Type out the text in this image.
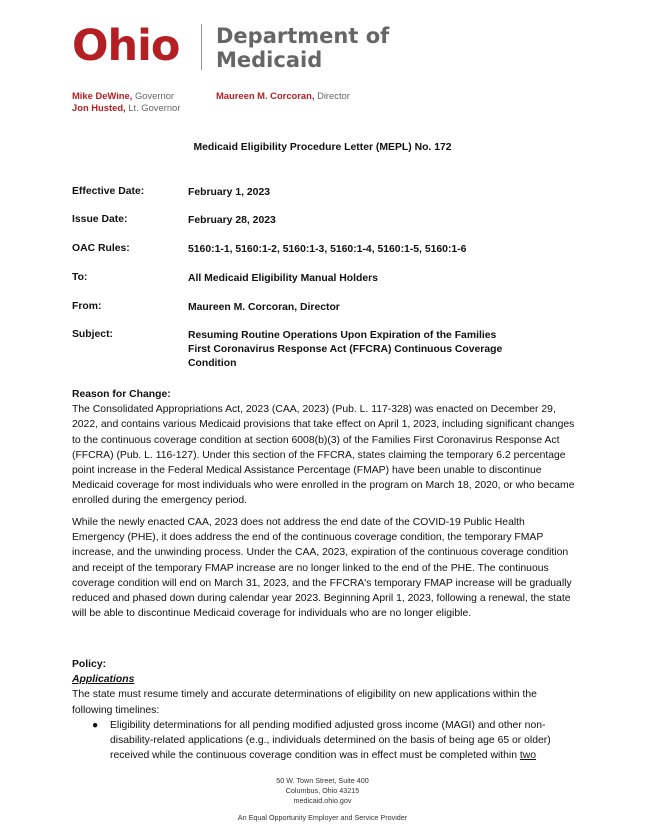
Ohio	Department of
Medicaid
Mike DeWine, Governor
Jon Husted, Lt. Governor
Maureen M. Corcoran, Director
Medicaid Eligibility Procedure Letter (MEPL) No. 172
Effective Date:	February 1, 2023
Issue Date:	February 28, 2023
OAC Rules:	5160:1-1, 5160:1-2, 5160:1-3, 5160:1-4, 5160:1-5, 5160:1-6
To:	All Medicaid Eligibility Manual Holders
From:	Maureen M. Corcoran, Director
Subject:	Resuming Routine Operations Upon Expiration of the Families First Coronavirus Response Act (FFCRA) Continuous Coverage Condition

Reason for Change:

The Consolidated Appropriations Act, 2023 (CAA, 2023) (Pub. L. 117-328) was enacted on December 29, 2022, and contains various Medicaid provisions that take effect on April 1, 2023, including significant changes to the continuous coverage condition at section 6008(b)(3) of the Families First Coronavirus Response Act (FFCRA) (Pub. L. 116-127). Under this section of the FFCRA, states claiming the temporary 6.2 percentage point increase in the Federal Medical Assistance Percentage (FMAP) have been unable to discontinue Medicaid coverage for most individuals who were enrolled in the program on March 18, 2020, or who became enrolled during the emergency period.

While the newly enacted CAA, 2023 does not address the end date of the COVID-19 Public Health Emergency (PHE), it does address the end of the continuous coverage condition, the temporary FMAP increase, and the unwinding process. Under the CAA, 2023, expiration of the continuous coverage condition and receipt of the temporary FMAP increase are no longer linked to the end of the PHE. The continuous coverage condition will end on March 31, 2023, and the FFCRA's temporary FMAP increase will be gradually reduced and phased down during calendar year 2023. Beginning April 1, 2023, following a renewal, the state will be able to discontinue Medicaid coverage for individuals who are no longer eligible.

Policy:

Applications

The state must resume timely and accurate determinations of eligibility on new applications within the following timelines:

● Eligibility determinations for all pending modified adjusted gross income (MAGI) and other non-disability-related applications (e.g., individuals determined on the basis of being age 65 or older) received while the continuous coverage condition was in effect must be completed within two
50 W. Town Street, Suite 400
Columbus, Ohio 43215
medicaid.ohio.gov
An Equal Opportunity Employer and Service Provider
